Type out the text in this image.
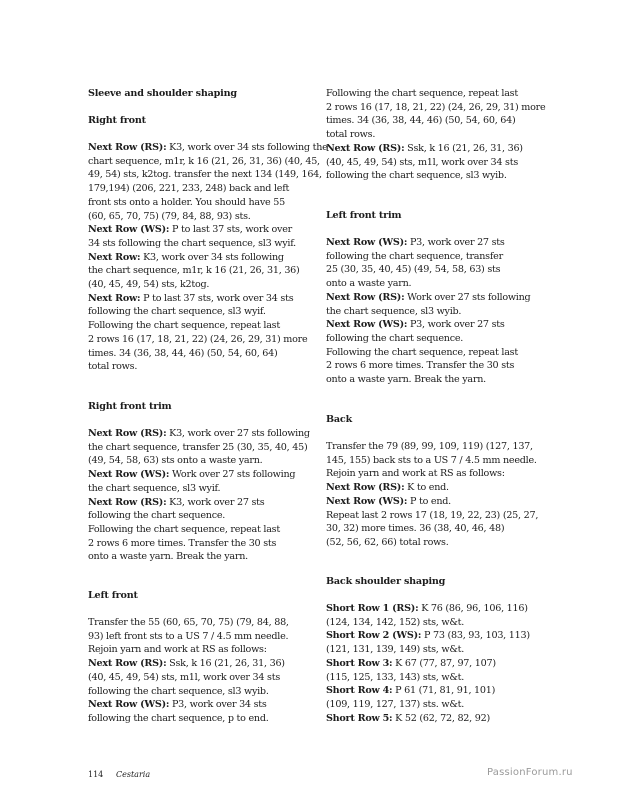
Sleeve and shoulder shaping
Right front
Next Row (RS): K3, work over 34 sts following the
chart sequence, m1r, k 16 (21, 26, 31, 36) (40, 45,
49, 54) sts, k2tog. transfer the next 134 (149, 164,
179,194) (206, 221, 233, 248) back and left
front sts onto a holder. You should have 55
(60, 65, 70, 75) (79, 84, 88, 93) sts.
Next Row (WS): P to last 37 sts, work over
34 sts following the chart sequence, sl3 wyif.
Next Row: K3, work over 34 sts following
the chart sequence, m1r, k 16 (21, 26, 31, 36)
(40, 45, 49, 54) sts, k2tog.
Next Row: P to last 37 sts, work over 34 sts
following the chart sequence, sl3 wyif.
Following the chart sequence, repeat last
2 rows 16 (17, 18, 21, 22) (24, 26, 29, 31) more
times. 34 (36, 38, 44, 46) (50, 54, 60, 64)
total rows.
Right front trim
Next Row (RS): K3, work over 27 sts following
the chart sequence, transfer 25 (30, 35, 40, 45)
(49, 54, 58, 63) sts onto a waste yarn.
Next Row (WS): Work over 27 sts following
the chart sequence, sl3 wyif.
Next Row (RS): K3, work over 27 sts
following the chart sequence.
Following the chart sequence, repeat last
2 rows 6 more times. Transfer the 30 sts
onto a waste yarn. Break the yarn.
Left front
Transfer the 55 (60, 65, 70, 75) (79, 84, 88,
93) left front sts to a US 7 / 4.5 mm needle.
Rejoin yarn and work at RS as follows:
Next Row (RS): Ssk, k 16 (21, 26, 31, 36)
(40, 45, 49, 54) sts, m1l, work over 34 sts
following the chart sequence, sl3 wyib.
Next Row (WS): P3, work over 34 sts
following the chart sequence, p to end.
Following the chart sequence, repeat last
2 rows 16 (17, 18, 21, 22) (24, 26, 29, 31) more
times. 34 (36, 38, 44, 46) (50, 54, 60, 64)
total rows.
Next Row (RS): Ssk, k 16 (21, 26, 31, 36)
(40, 45, 49, 54) sts, m1l, work over 34 sts
following the chart sequence, sl3 wyib.
Left front trim
Next Row (WS): P3, work over 27 sts
following the chart sequence, transfer
25 (30, 35, 40, 45) (49, 54, 58, 63) sts
onto a waste yarn.
Next Row (RS): Work over 27 sts following
the chart sequence, sl3 wyib.
Next Row (WS): P3, work over 27 sts
following the chart sequence.
Following the chart sequence, repeat last
2 rows 6 more times. Transfer the 30 sts
onto a waste yarn. Break the yarn.
Back
Transfer the 79 (89, 99, 109, 119) (127, 137,
145, 155) back sts to a US 7 / 4.5 mm needle.
Rejoin yarn and work at RS as follows:
Next Row (RS): K to end.
Next Row (WS): P to end.
Repeat last 2 rows 17 (18, 19, 22, 23) (25, 27,
30, 32) more times. 36 (38, 40, 46, 48)
(52, 56, 62, 66) total rows.
Back shoulder shaping
Short Row 1 (RS): K 76 (86, 96, 106, 116)
(124, 134, 142, 152) sts, w&t.
Short Row 2 (WS): P 73 (83, 93, 103, 113)
(121, 131, 139, 149) sts, w&t.
Short Row 3: K 67 (77, 87, 97, 107)
(115, 125, 133, 143) sts, w&t.
Short Row 4: P 61 (71, 81, 91, 101)
(109, 119, 127, 137) sts. w&t.
Short Row 5: K 52 (62, 72, 82, 92)
114 Cestaria	PassionForum.ru
